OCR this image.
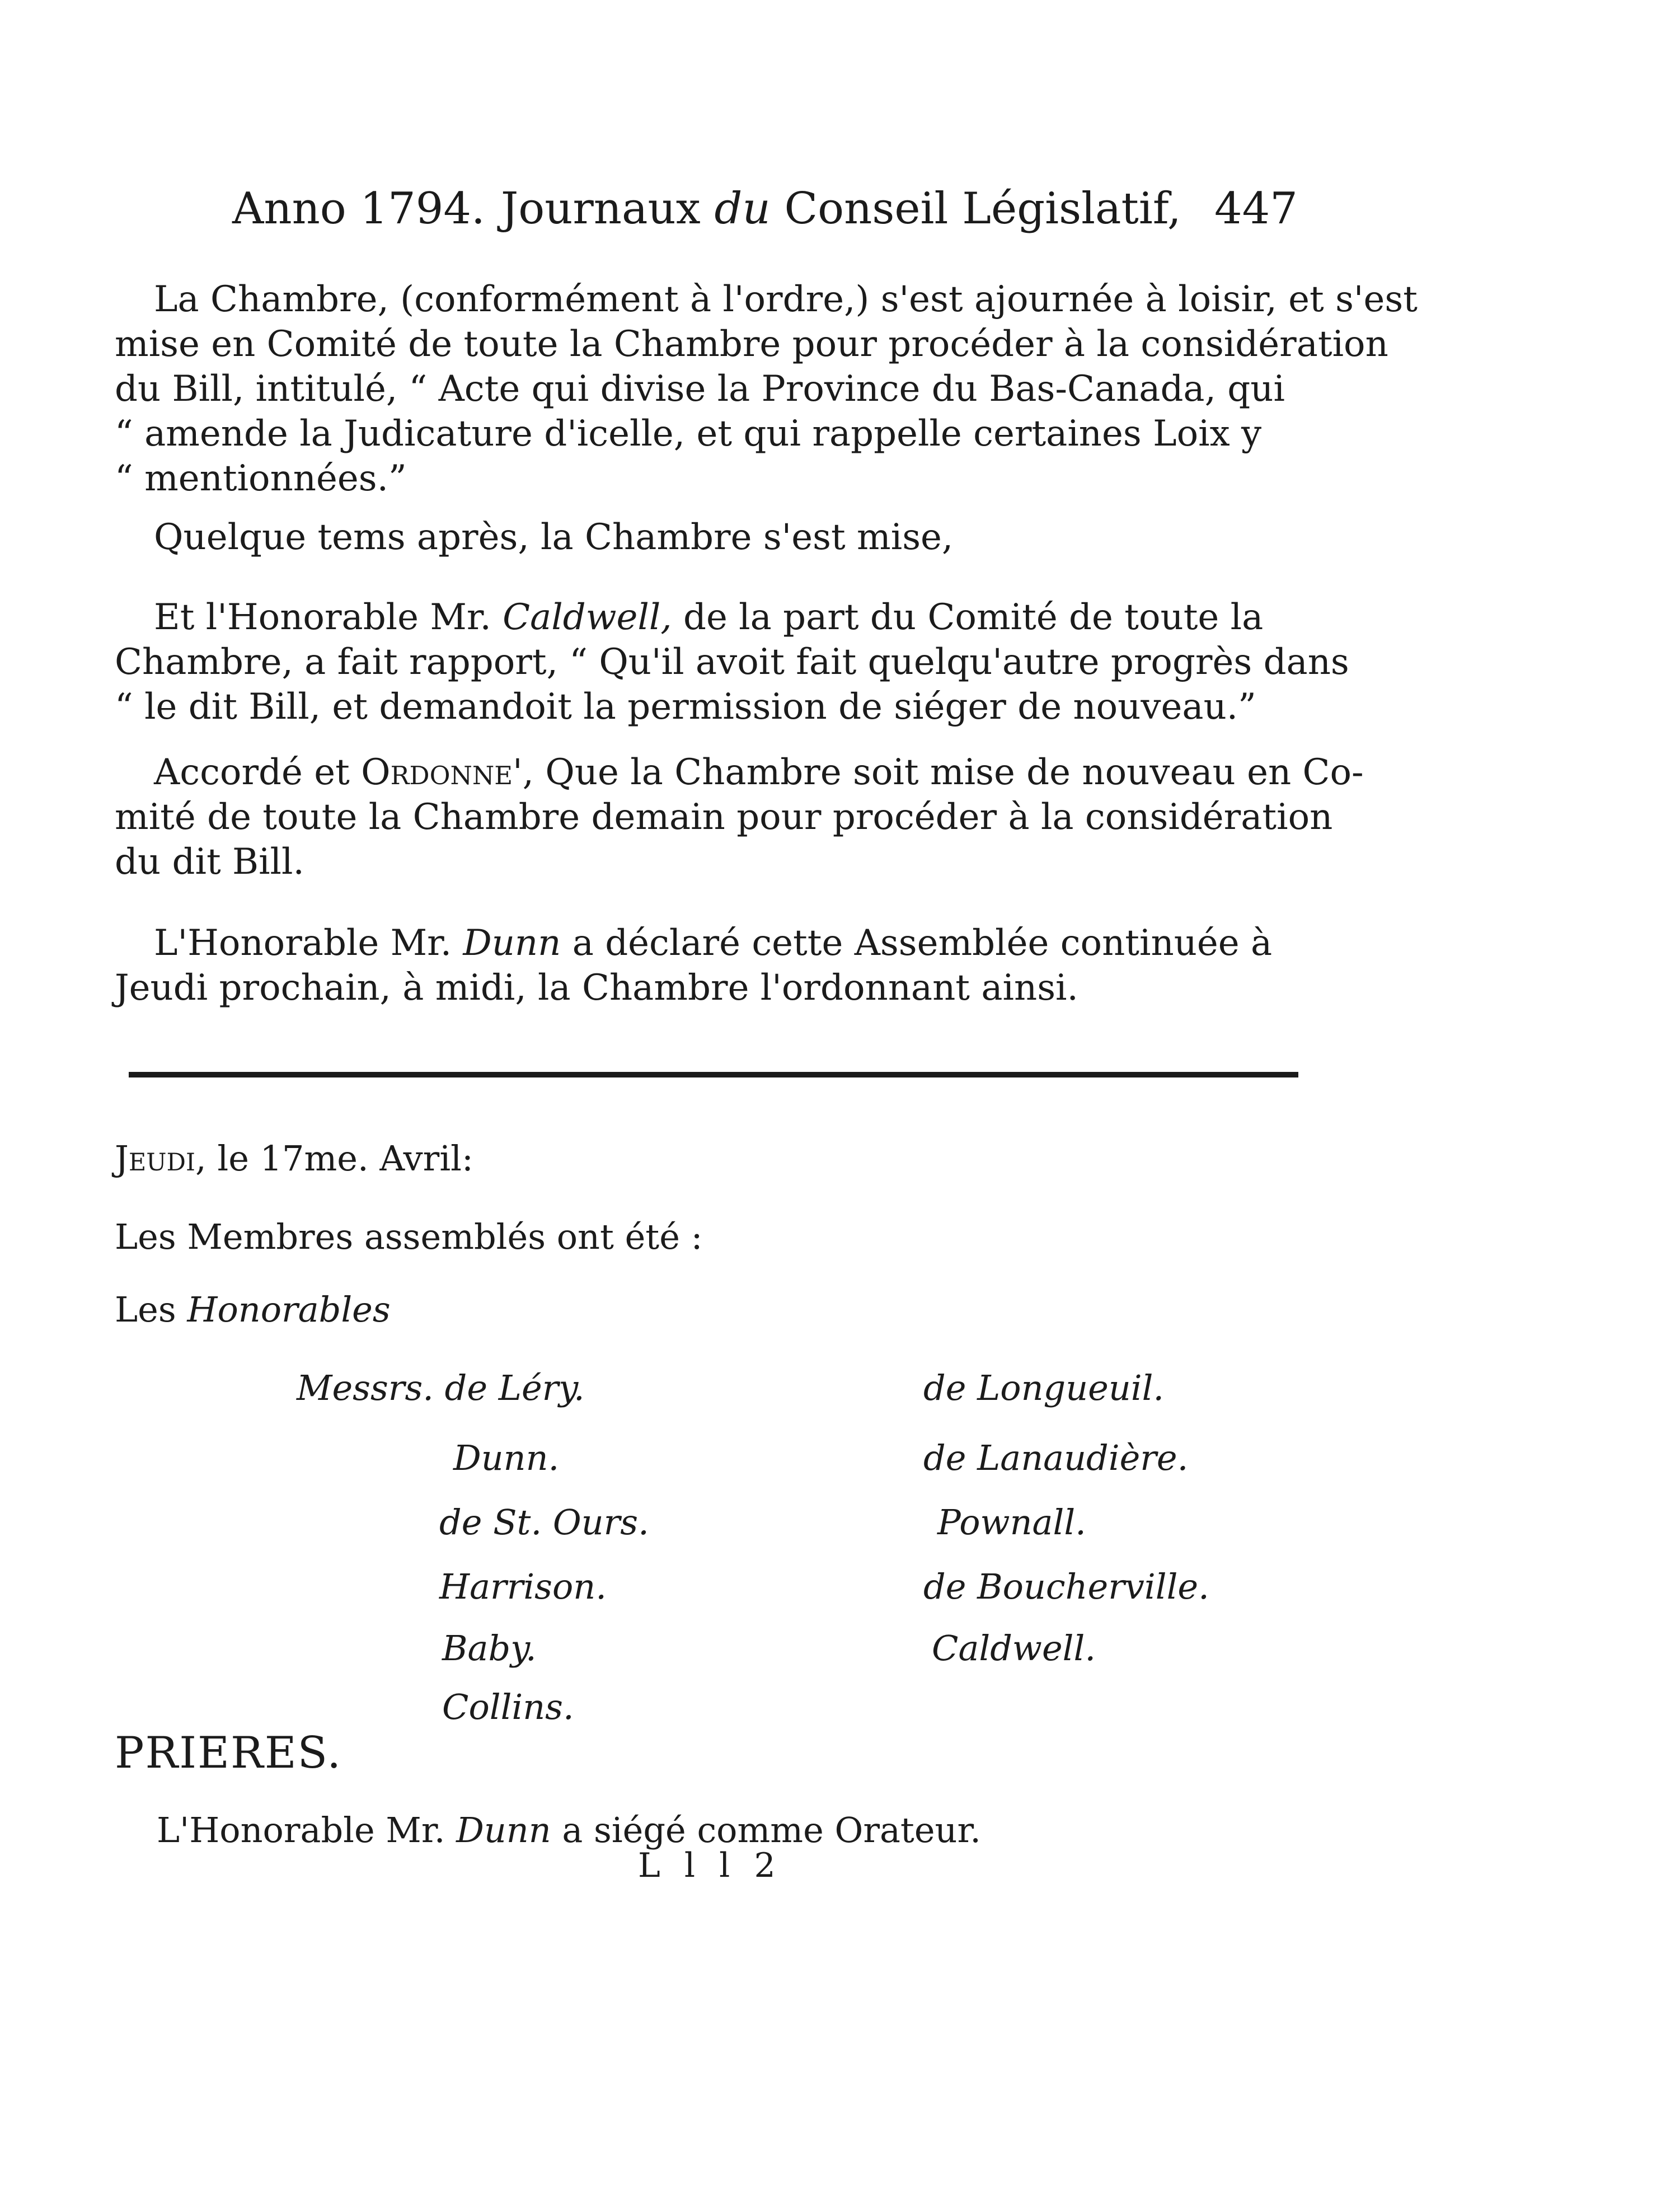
Anno 1794. Journaux du Conseil Législatif, 447
La Chambre, (conformément à l'ordre,) s'est ajournée à loisir, et s'est
mise en Comité de toute la Chambre pour procéder à la considération
du Bill, intitulé, “ Acte qui divise la Province du Bas-Canada, qui
“ amende la Judicature d'icelle, et qui rappelle certaines Loix y
“ mentionnées.”
Quelque tems après, la Chambre s'est mise,
Et l'Honorable Mr. Caldwell, de la part du Comité de toute la
Chambre, a fait rapport, “ Qu'il avoit fait quelqu'autre progrès dans
“ le dit Bill, et demandoit la permission de siéger de nouveau.”
Accordé et Ordonne', Que la Chambre soit mise de nouveau en Co-
mité de toute la Chambre demain pour procéder à la considération
du dit Bill.
L'Honorable Mr. Dunn a déclaré cette Assemblée continuée à
Jeudi prochain, à midi, la Chambre l'ordonnant ainsi.
Jeudi, le 17me. Avril:
Les Membres assemblés ont été :
Les Honorables
Messrs. de Léry.
Dunn.
de St. Ours.
Harrison.
Baby.
Collins.
de Longueuil.
de Lanaudière.
Pownall.
de Boucherville.
Caldwell.
PRIERES.
L'Honorable Mr. Dunn a siégé comme Orateur.
L l l 2
